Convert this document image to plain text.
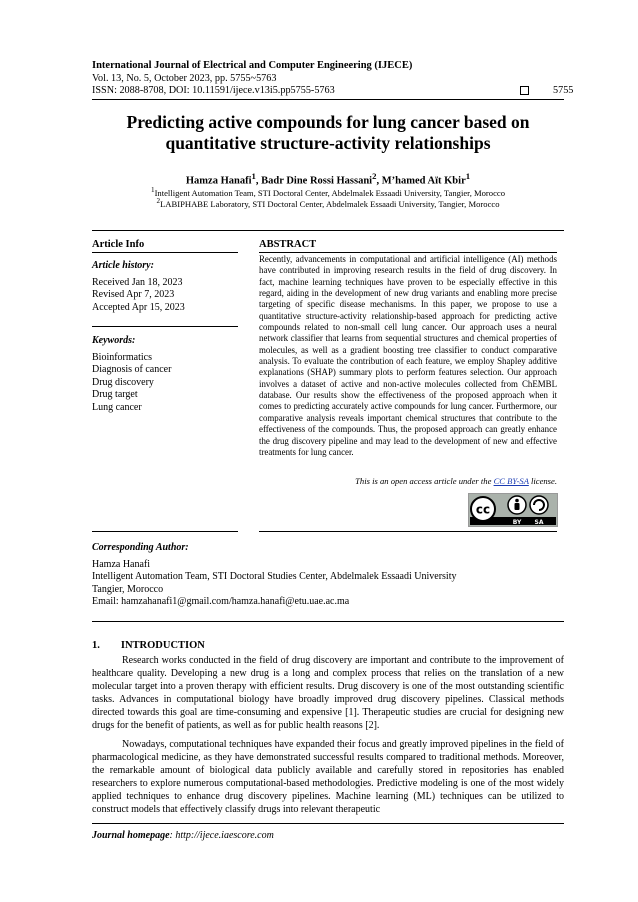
International Journal of Electrical and Computer Engineering (IJECE)
Vol. 13, No. 5, October 2023, pp. 5755~5763
ISSN: 2088-8708, DOI: 10.11591/ijece.v13i5.pp5755-5763	5755
Predicting active compounds for lung cancer based on
quantitative structure-activity relationships
Hamza Hanafi$^1$, Badr Dine Rossi Hassani$^2$, M’hamed Aït Kbir$^1$
$^1$Intelligent Automation Team, STI Doctoral Center, Abdelmalek Essaadi University, Tangier, Morocco
$^2$LABIPHABE Laboratory, STI Doctoral Center, Abdelmalek Essaadi University, Tangier, Morocco
Article Info
Article history:
Received Jan 18, 2023
Revised Apr 7, 2023
Accepted Apr 15, 2023
Keywords:
Bioinformatics
Diagnosis of cancer
Drug discovery
Drug target
Lung cancer
ABSTRACT
Recently, advancements in computational and artificial intelligence (AI) methods have contributed in improving research results in the field of drug discovery. In fact, machine learning techniques have proven to be especially effective in this regard, aiding in the development of new drug variants and enabling more precise targeting of specific disease mechanisms. In this paper, we propose to use a quantitative structure-activity relationship-based approach for predicting active compounds related to non-small cell lung cancer. Our approach uses a neural network classifier that learns from sequential structures and chemical properties of molecules, as well as a gradient boosting tree classifier to conduct comparative analysis. To evaluate the contribution of each feature, we employ Shapley additive explanations (SHAP) summary plots to perform features selection. Our approach involves a dataset of active and non-active molecules collected from ChEMBL database. Our results show the effectiveness of the proposed approach when it comes to predicting accurately active compounds for lung cancer. Furthermore, our comparative analysis reveals important chemical structures that contribute to the effectiveness of the compounds. Thus, the proposed approach can greatly enhance the drug discovery pipeline and may lead to the development of new and effective treatments for lung cancer.
This is an open access article under the CC BY-SA license.
cc
BY SA
Corresponding Author:
Hamza Hanafi
Intelligent Automation Team, STI Doctoral Studies Center, Abdelmalek Essaadi University
Tangier, Morocco
Email: hamzahanafi1@gmail.com/hamza.hanafi@etu.uae.ac.ma
1.  INTRODUCTION
Research works conducted in the field of drug discovery are important and contribute to the improvement of healthcare quality. Developing a new drug is a long and complex process that relies on the translation of a new molecular target into a proven therapy with efficient results. Drug discovery is one of the most outstanding scientific tasks. Advances in computational biology have broadly improved drug discovery pipelines. Classical methods directed towards this goal are time-consuming and expensive [1]. Therapeutic studies are crucial for designing new drugs for the benefit of patients, as well as for public health reasons [2].
Nowadays, computational techniques have expanded their focus and greatly improved pipelines in the field of pharmacological medicine, as they have demonstrated successful results compared to traditional methods. Moreover, the remarkable amount of biological data publicly available and carefully stored in repositories has enabled researchers to explore numerous computational-based methodologies. Predictive modeling is one of the most widely applied techniques to enhance drug discovery pipelines. Machine learning (ML) techniques can be utilized to construct models that effectively classify drugs into relevant therapeutic
Journal homepage: http://ijece.iaescore.com
